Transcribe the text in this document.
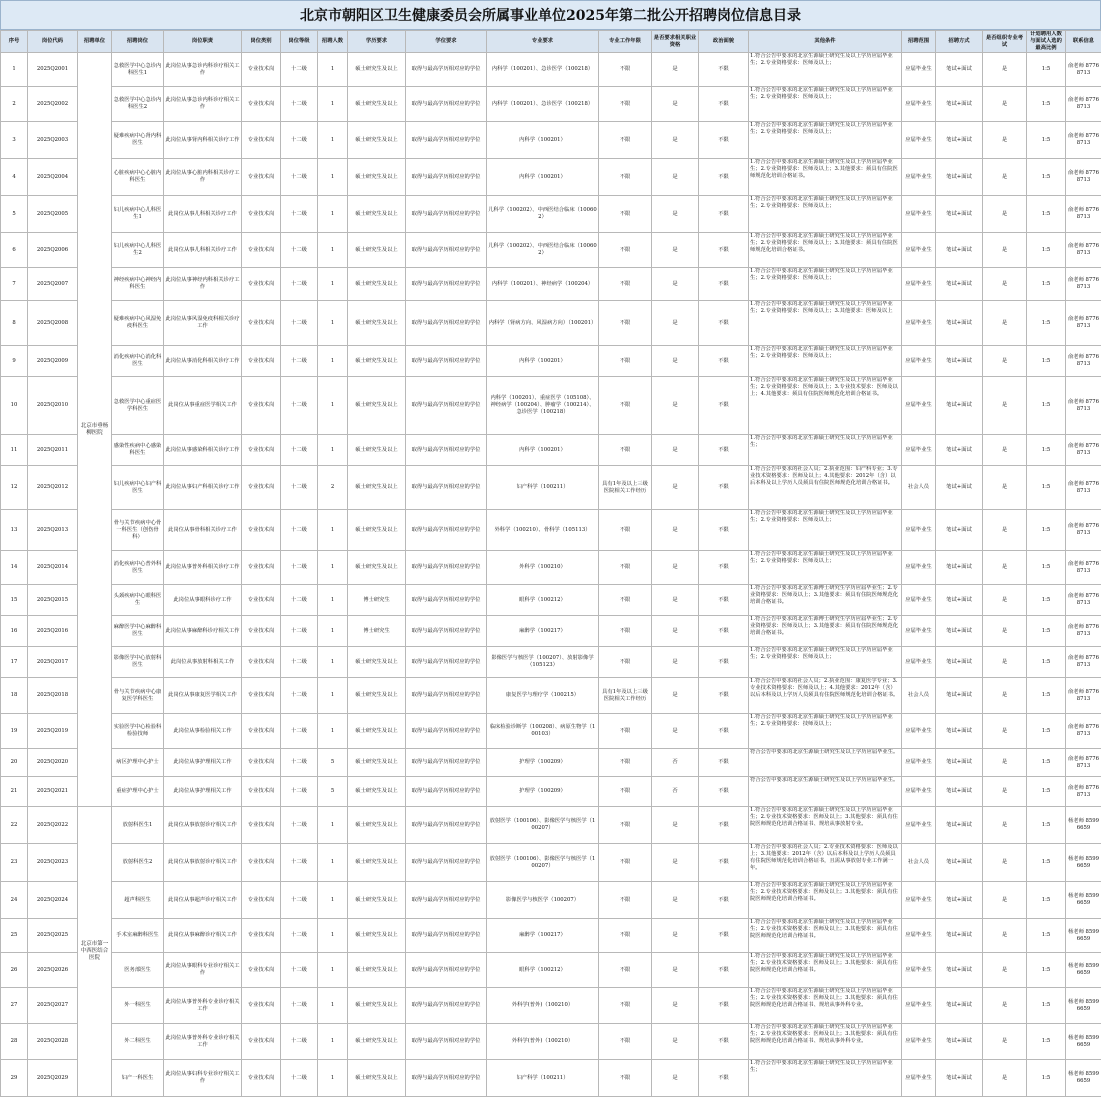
北京市朝阳区卫生健康委员会所属事业单位2025年第二批公开招聘岗位信息目录
序号	岗位代码	招聘单位	招聘岗位	岗位职责	岗位类别	岗位等级	招聘人数	学历要求	学位要求	专业要求	专业工作年限	是否要求相关职业资格	政治面貌	其他条件	招聘范围	招聘方式	是否组织专业考试	计划聘用人数与面试人选的最高比例	联系信息
1	2025Q2001	北京市垂杨柳医院	急救医学中心急诊内科医生1	此岗位从事急诊内科诊疗相关工作	专业技术岗	十二级	1	硕士研究生及以上	取得与最高学历相对应的学位	内科学（100201）、急诊医学（100218）	不限	是	不限	1.符合公告中要求的北京生源硕士研究生及以上学历应届毕业生；2.专业资格要求：医师及以上；	应届毕业生	笔试+面试	是	1:5	俞老师 87768713
2	2025Q2002		急救医学中心急诊内科医生2	此岗位从事急诊内科诊疗相关工作	专业技术岗	十二级	1	硕士研究生及以上	取得与最高学历相对应的学位	内科学（100201）、急诊医学（100218）	不限	是	不限	1.符合公告中要求的北京生源硕士研究生及以上学历应届毕业生；2.专业资格要求：医师及以上；	应届毕业生	笔试+面试	是	1:5	俞老师 87768713
3	2025Q2003		疑难疾病中心肾内科医生	此岗位从事肾内科相关诊疗工作	专业技术岗	十二级	1	硕士研究生及以上	取得与最高学历相对应的学位	内科学（100201）	不限	是	不限	1.符合公告中要求的北京生源硕士研究生及以上学历应届毕业生；2.专业资格要求：医师及以上；	应届毕业生	笔试+面试	是	1:5	俞老师 87768713
4	2025Q2004		心脏疾病中心心脏内科医生	此岗位从事心脏内科相关诊疗工作	专业技术岗	十二级	1	硕士研究生及以上	取得与最高学历相对应的学位	内科学（100201）	不限	是	不限	1.符合公告中要求的北京生源硕士研究生及以上学历应届毕业生；2.专业资格要求：医师及以上；3.其他要求：须具有住院医师规范化培训合格证书。	应届毕业生	笔试+面试	是	1:5	俞老师 87768713
5	2025Q2005		妇儿疾病中心儿科医生1	此岗位从事儿科相关诊疗工作	专业技术岗	十二级	1	硕士研究生及以上	取得与最高学历相对应的学位	儿科学（100202）、中西医结合临床（100602）	不限	是	不限	1.符合公告中要求的北京生源硕士研究生及以上学历应届毕业生；2.专业资格要求：医师及以上；	应届毕业生	笔试+面试	是	1:5	俞老师 87768713
6	2025Q2006		妇儿疾病中心儿科医生2	此岗位从事儿科相关诊疗工作	专业技术岗	十二级	1	硕士研究生及以上	取得与最高学历相对应的学位	儿科学（100202）、中西医结合临床（100602）	不限	是	不限	1.符合公告中要求的北京生源硕士研究生及以上学历应届毕业生；2.专业资格要求：医师及以上；3.其他要求：须具有住院医师规范化培训合格证书。	应届毕业生	笔试+面试	是	1:5	俞老师 87768713
7	2025Q2007		神经疾病中心神经内科医生	此岗位从事神经内科相关诊疗工作	专业技术岗	十二级	1	硕士研究生及以上	取得与最高学历相对应的学位	内科学（100201）、神经病学（100204）	不限	是	不限	1.符合公告中要求的北京生源硕士研究生及以上学历应届毕业生；2.专业资格要求：医师及以上；	应届毕业生	笔试+面试	是	1:5	俞老师 87768713
8	2025Q2008		疑难疾病中心风湿免疫科医生	此岗位从事风湿免疫科相关诊疗工作	专业技术岗	十二级	1	硕士研究生及以上	取得与最高学历相对应的学位	内科学（肾病方向、风湿病方向）（100201）	不限	是	不限	1.符合公告中要求的北京生源硕士研究生及以上学历应届毕业生；2.专业资格要求：医师及以上；3.其他要求：医师及以上	应届毕业生	笔试+面试	是	1:5	俞老师 87768713
9	2025Q2009		消化疾病中心消化科医生	此岗位从事消化科相关诊疗工作	专业技术岗	十二级	1	硕士研究生及以上	取得与最高学历相对应的学位	内科学（100201）	不限	是	不限	1.符合公告中要求的北京生源硕士研究生及以上学历应届毕业生；2.专业资格要求：医师及以上；	应届毕业生	笔试+面试	是	1:5	俞老师 87768713
10	2025Q2010		急救医学中心重症医学科医生	此岗位从事重症医学相关工作	专业技术岗	十二级	1	硕士研究生及以上	取得与最高学历相对应的学位	内科学（100201）、重症医学（105108）、神经病学（100204）、肿瘤学（100214）、急诊医学（100218）	不限	是	不限	1.符合公告中要求的北京生源硕士研究生及以上学历应届毕业生；2.专业资格要求：医师及以上；3.专业技术要求：医师及以上；4.其他要求：须具有住院医师规范化培训合格证书。	应届毕业生	笔试+面试	是	1:5	俞老师 87768713
11	2025Q2011		感染性疾病中心感染科医生	此岗位从事感染科相关诊疗工作	专业技术岗	十二级	1	硕士研究生及以上	取得与最高学历相对应的学位	内科学（100201）	不限	是	不限	1.符合公告中要求的北京生源硕士研究生及以上学历应届毕业生；	应届毕业生	笔试+面试	是	1:5	俞老师 87768713
12	2025Q2012		妇儿疾病中心妇产科医生	此岗位从事妇产科相关诊疗工作	专业技术岗	十二级	2	硕士研究生及以上	取得与最高学历相对应的学位	妇产科学（100211）	具有1年及以上三级医院相关工作经历	是	不限	1.符合公告中要求的社会人员；2.执业范围：妇产科专业；3.专业技术资格要求：医师及以上；4.其他要求：2012年（含）以后本科及以上学历人员须具有住院医师规范化培训合格证书。	社会人员	笔试+面试	是	1:5	俞老师 87768713
13	2025Q2013		骨与关节疾病中心骨一科医生（创伤骨科）	此岗位从事骨科相关诊疗工作	专业技术岗	十二级	1	硕士研究生及以上	取得与最高学历相对应的学位	外科学（100210）、骨科学（105113）	不限	是	不限	1.符合公告中要求的北京生源硕士研究生及以上学历应届毕业生；2.专业资格要求：医师及以上；	应届毕业生	笔试+面试	是	1:5	俞老师 87768713
14	2025Q2014		消化疾病中心普外科医生	此岗位从事普外科相关诊疗工作	专业技术岗	十二级	1	硕士研究生及以上	取得与最高学历相对应的学位	外科学（100210）	不限	是	不限	1.符合公告中要求的北京生源硕士研究生及以上学历应届毕业生；2.专业资格要求：医师及以上；	应届毕业生	笔试+面试	是	1:5	俞老师 87768713
15	2025Q2015		头颈疾病中心眼科医生	此岗位从事眼科诊疗工作	专业技术岗	十二级	1	博士研究生	取得与最高学历相对应的学位	眼科学（100212）	不限	是	不限	1.符合公告中要求的北京生源博士研究生学历应届毕业生；2.专业资格要求：医师及以上；3.其他要求：须具有住院医师规范化培训合格证书。	应届毕业生	笔试+面试	是	1:5	俞老师 87768713
16	2025Q2016		麻醉医学中心麻醉科医生	此岗位从事麻醉科诊疗相关工作	专业技术岗	十二级	1	博士研究生	取得与最高学历相对应的学位	麻醉学（100217）	不限	是	不限	1.符合公告中要求的北京生源博士研究生学历应届毕业生；2.专业资格要求：医师及以上；3.其他要求：须具有住院医师规范化培训合格证书。	应届毕业生	笔试+面试	是	1:5	俞老师 87768713
17	2025Q2017		影像医学中心放射科医生	此岗位从事放射科相关工作	专业技术岗	十二级	1	硕士研究生及以上	取得与最高学历相对应的学位	影像医学与核医学（100207）、放射影像学（105123）	不限	是	不限	1.符合公告中要求的北京生源硕士研究生及以上学历应届毕业生；2.专业资格要求：医师及以上；	应届毕业生	笔试+面试	是	1:5	俞老师 87768713
18	2025Q2018		骨与关节疾病中心康复医学科医生	此岗位从事康复医学相关工作	专业技术岗	十二级	1	硕士研究生及以上	取得与最高学历相对应的学位	康复医学与理疗学（100215）	具有1年及以上三级医院相关工作经历	是	不限	1.符合公告中要求的社会人员；2.执业范围：康复医学专业；3.专业技术资格要求：医师及以上；4.其他要求：2012年（含）以后本科及以上学历人员须具有住院医师规范化培训合格证书。	社会人员	笔试+面试	是	1:5	俞老师 87768713
19	2025Q2019		实验医学中心检验科检验技师	此岗位从事检验相关工作	专业技术岗	十二级	1	硕士研究生及以上	取得与最高学历相对应的学位	临床检验诊断学（100208）、病原生物学（100103）	不限	是	不限	1.符合公告中要求的北京生源硕士研究生及以上学历应届毕业生；2.专业资格要求：技师及以上；	应届毕业生	笔试+面试	是	1:5	俞老师 87768713
20	2025Q2020		病区护理中心护士	此岗位从事护理相关工作	专业技术岗	十二级	5	硕士研究生及以上	取得与最高学历相对应的学位	护理学（100209）	不限	否	不限	符合公告中要求的北京生源硕士研究生及以上学历应届毕业生。	应届毕业生	笔试+面试	是	1:5	俞老师 87768713
21	2025Q2021		重症护理中心护士	此岗位从事护理相关工作	专业技术岗	十二级	5	硕士研究生及以上	取得与最高学历相对应的学位	护理学（100209）	不限	否	不限	符合公告中要求的北京生源硕士研究生及以上学历应届毕业生。	应届毕业生	笔试+面试	是	1:5	俞老师 87768713
22	2025Q2022	北京市第一中西医结合医院	放射科医生1	此岗位从事放射诊疗相关工作	专业技术岗	十二级	1	硕士研究生及以上	取得与最高学历相对应的学位	放射医学（100106）、影像医学与核医学（100207）	不限	是	不限	1.符合公告中要求的北京生源硕士研究生及以上学历应届毕业生；2.专业技术资格要求：医师及以上；3.其他要求：须具有住院医师规范化培训合格证书、规培从事放射专业。	应届毕业生	笔试+面试	是	1:5	杨老师 85996659
23	2025Q2023		放射科医生2	此岗位从事放射诊疗相关工作	专业技术岗	十二级	1	硕士研究生及以上	取得与最高学历相对应的学位	放射医学（100106）、影像医学与核医学（100207）	不限	是	不限	1.符合公告中要求的社会人员；2.专业技术资格要求：医师及以上；3.其他要求：2012年（含）以后本科及以上学历人员须具有住院医师规范化培训合格证书，且需从事放射专业工作满一年。	社会人员	笔试+面试	是	1:5	杨老师 85996659
24	2025Q2024		超声科医生	此岗位从事超声诊疗相关工作	专业技术岗	十二级	1	硕士研究生及以上	取得与最高学历相对应的学位	影像医学与核医学（100207）	不限	是	不限	1.符合公告中要求的北京生源硕士研究生及以上学历应届毕业生；2.专业技术资格要求：医师及以上；3.其他要求：须具有住院医师规范化培训合格证书。	应届毕业生	笔试+面试	是	1:5	杨老师 85996659
25	2025Q2025		手术室麻醉科医生	此岗位从事麻醉诊疗相关工作	专业技术岗	十二级	1	硕士研究生及以上	取得与最高学历相对应的学位	麻醉学（100217）	不限	是	不限	1.符合公告中要求的北京生源硕士研究生及以上学历应届毕业生；2.专业技术资格要求：医师及以上；3.其他要求：须具有住院医师规范化培训合格证书。	应届毕业生	笔试+面试	是	1:5	杨老师 85996659
26	2025Q2026		医务部医生	此岗位从事眼科专业诊疗相关工作	专业技术岗	十二级	1	硕士研究生及以上	取得与最高学历相对应的学位	眼科学（100212）	不限	是	不限	1.符合公告中要求的北京生源硕士研究生及以上学历应届毕业生；2.专业技术资格要求：医师及以上；3.其他要求：须具有住院医师规范化培训合格证书。	应届毕业生	笔试+面试	是	1:5	杨老师 85996659
27	2025Q2027		外一科医生	此岗位从事普外科专业诊疗相关工作	专业技术岗	十二级	1	硕士研究生及以上	取得与最高学历相对应的学位	外科学(普外)（100210）	不限	是	不限	1.符合公告中要求的北京生源硕士研究生及以上学历应届毕业生；2.专业技术资格要求：医师及以上；3.其他要求：须具有住院医师规范化培训合格证书、规培从事外科专业。	应届毕业生	笔试+面试	是	1:5	杨老师 85996659
28	2025Q2028		外二科医生	此岗位从事普外科专业诊疗相关工作	专业技术岗	十二级	1	硕士研究生及以上	取得与最高学历相对应的学位	外科学(普外)（100210）	不限	是	不限	1.符合公告中要求的北京生源硕士研究生及以上学历应届毕业生；2.专业技术资格要求：医师及以上；3.其他要求：须具有住院医师规范化培训合格证书、规培从事外科专业。	应届毕业生	笔试+面试	是	1:5	杨老师 85996659
29	2025Q2029		妇产一科医生	此岗位从事妇科专业诊疗相关工作	专业技术岗	十二级	1	硕士研究生及以上	取得与最高学历相对应的学位	妇产科学（100211）	不限	是	不限	1.符合公告中要求的北京生源硕士研究生及以上学历应届毕业生；	应届毕业生	笔试+面试	是	1:5	杨老师 85996659
